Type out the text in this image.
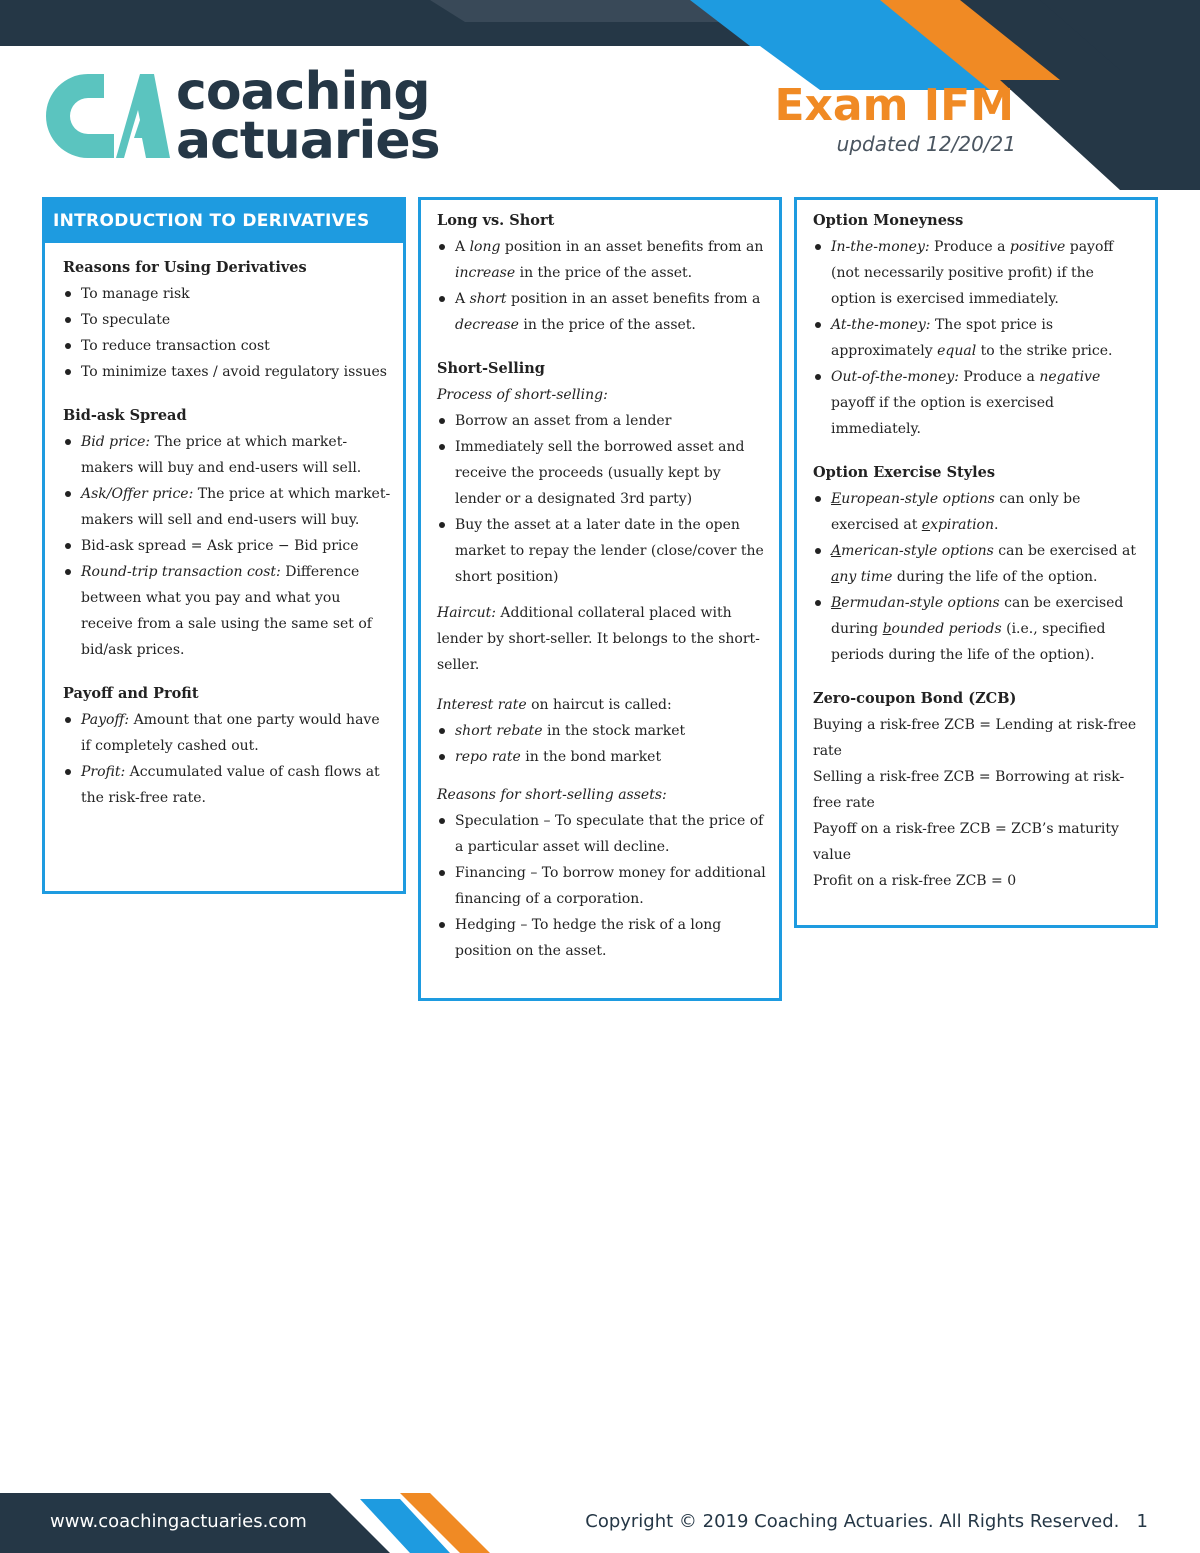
coaching
actuaries
Exam IFM
updated 12/20/21
INTRODUCTION TO DERIVATIVES

Reasons for Using Derivatives

To manage risk
To speculate
To reduce transaction cost
To minimize taxes / avoid regulatory issues

Bid-ask Spread

Bid price: The price at which market-makers will buy and end-users will sell.
Ask/Offer price: The price at which market-makers will sell and end-users will buy.
Bid-ask spread = Ask price − Bid price
Round-trip transaction cost: Difference between what you pay and what you receive from a sale using the same set of bid/ask prices.

Payoff and Profit

Payoff: Amount that one party would have if completely cashed out.
Profit: Accumulated value of cash flows at the risk-free rate.

Long vs. Short

A long position in an asset benefits from an increase in the price of the asset.
A short position in an asset benefits from a decrease in the price of the asset.

Short-Selling

Process of short-selling:

Borrow an asset from a lender
Immediately sell the borrowed asset and receive the proceeds (usually kept by lender or a designated 3rd party)
Buy the asset at a later date in the open market to repay the lender (close/cover the short position)

Haircut: Additional collateral placed with lender by short-seller. It belongs to the short-seller.

Interest rate on haircut is called:

short rebate in the stock market
repo rate in the bond market

Reasons for short-selling assets:

Speculation – To speculate that the price of a particular asset will decline.
Financing – To borrow money for additional financing of a corporation.
Hedging – To hedge the risk of a long position on the asset.

Option Moneyness

In-the-money: Produce a positive payoff (not necessarily positive profit) if the option is exercised immediately.
At-the-money: The spot price is approximately equal to the strike price.
Out-of-the-money: Produce a negative payoff if the option is exercised immediately.

Option Exercise Styles

European-style options can only be exercised at expiration.
American-style options can be exercised at any time during the life of the option.
Bermudan-style options can be exercised during bounded periods (i.e., specified periods during the life of the option).

Zero-coupon Bond (ZCB)

Buying a risk-free ZCB = Lending at risk-free rate

Selling a risk-free ZCB = Borrowing at risk-free rate

Payoff on a risk-free ZCB = ZCB’s maturity value

Profit on a risk-free ZCB = 0

www.coachingactuaries.com	Copyright © 2019 Coaching Actuaries. All Rights Reserved. 1
